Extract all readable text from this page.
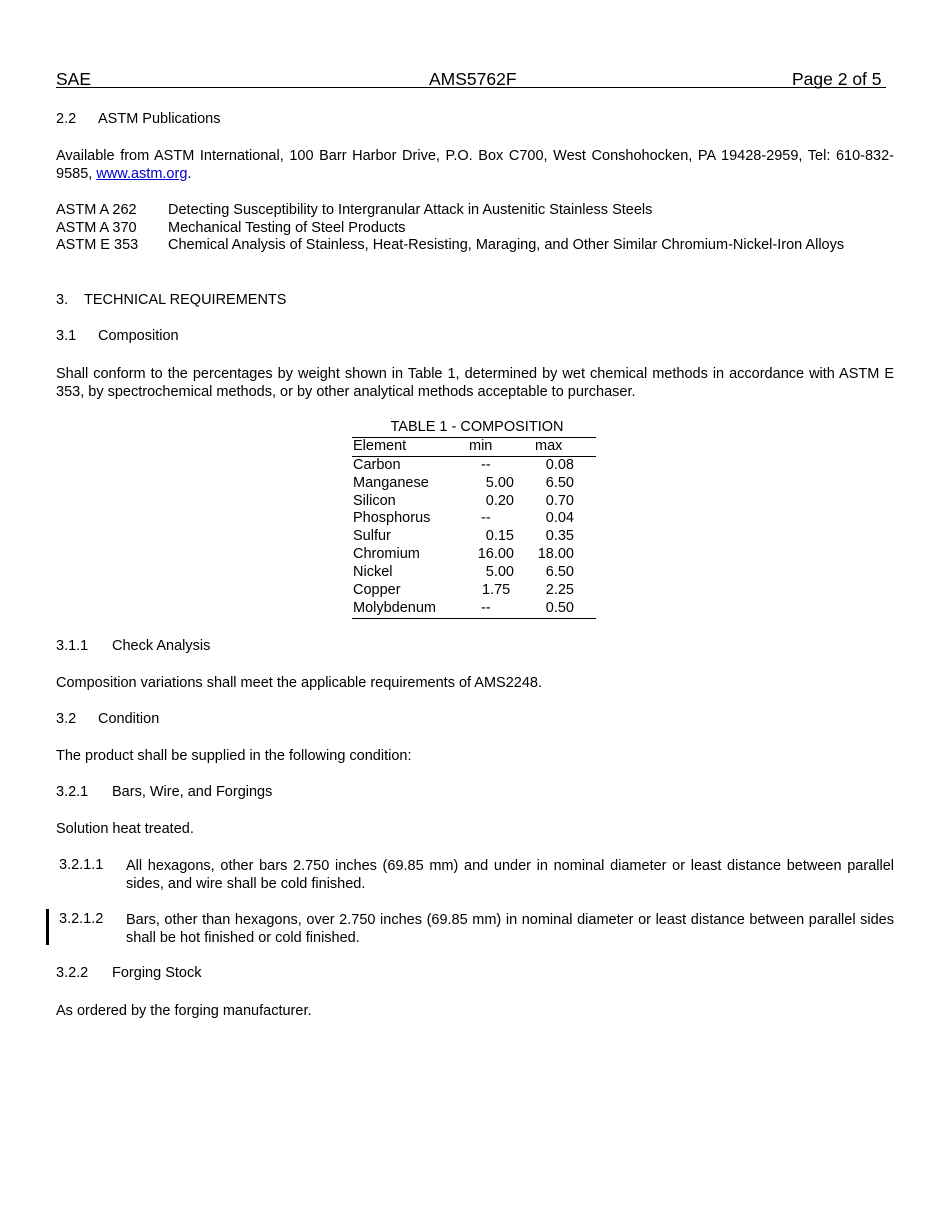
SAE	AMS5762F	Page 2 of 5
2.2 ASTM Publications

Available from ASTM International, 100 Barr Harbor Drive, P.O. Box C700, West Conshohocken, PA 19428-2959, Tel: 610-832-9585, www.astm.org.

ASTM A 262 Detecting Susceptibility to Intergranular Attack in Austenitic Stainless Steels
ASTM A 370 Mechanical Testing of Steel Products
ASTM E 353 Chemical Analysis of Stainless, Heat-Resisting, Maraging, and Other Similar Chromium-Nickel-Iron Alloys
3. TECHNICAL REQUIREMENTS
3.1 Composition

Shall conform to the percentages by weight shown in Table 1, determined by wet chemical methods in accordance with ASTM E 353, by spectrochemical methods, or by other analytical methods acceptable to purchaser.

TABLE 1 - COMPOSITION
Element	min	max
Carbon	--	0.08
Manganese	5.00	6.50
Silicon	0.20	0.70
Phosphorus	--	0.04
Sulfur	0.15	0.35
Chromium	16.00	18.00
Nickel	5.00	6.50
Copper	1.75	2.25
Molybdenum	--	0.50
3.1.1 Check Analysis

Composition variations shall meet the applicable requirements of AMS2248.

3.2 Condition

The product shall be supplied in the following condition:

3.2.1 Bars, Wire, and Forgings

Solution heat treated.

3.2.1.1 All hexagons, other bars 2.750 inches (69.85 mm) and under in nominal diameter or least distance between parallel sides, and wire shall be cold finished.

3.2.1.2 Bars, other than hexagons, over 2.750 inches (69.85 mm) in nominal diameter or least distance between parallel sides shall be hot finished or cold finished.

3.2.2 Forging Stock

As ordered by the forging manufacturer.
